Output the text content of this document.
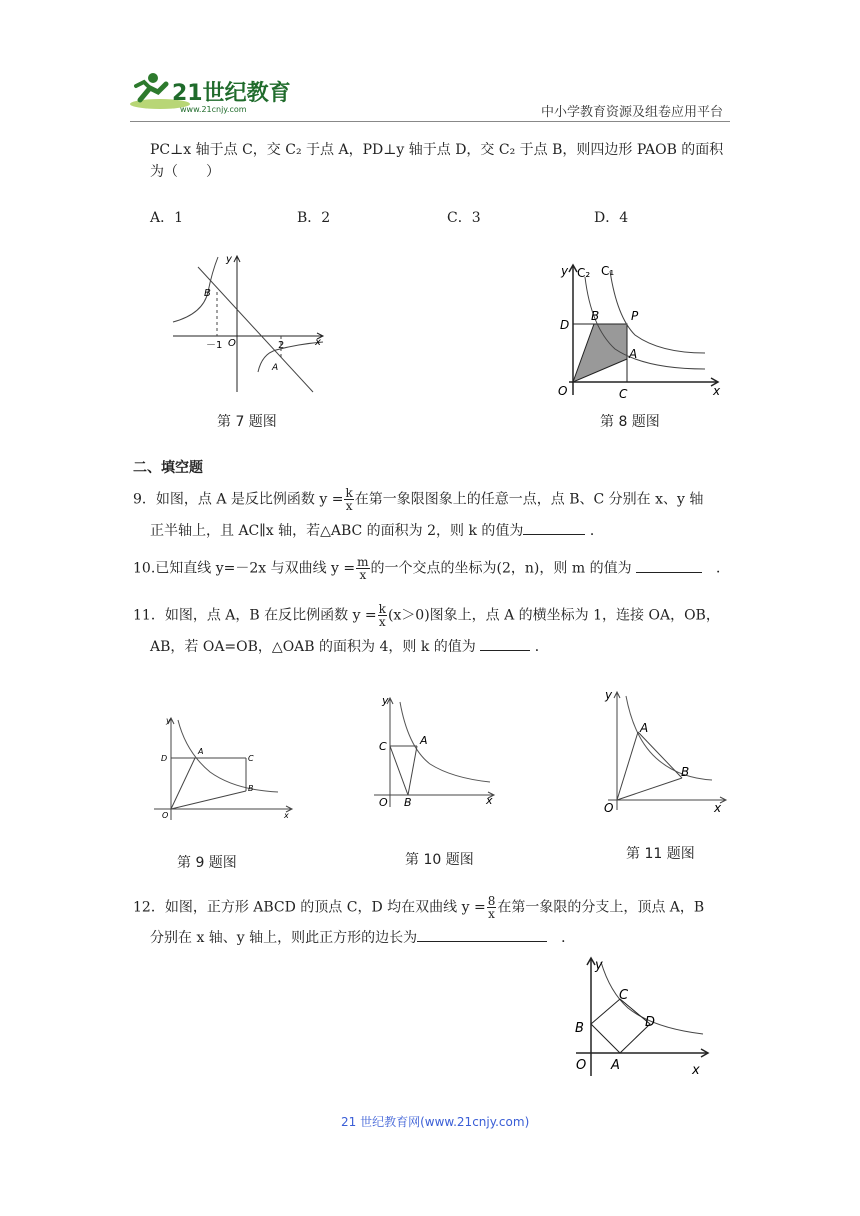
21世纪教育
www.21cnjy.com	中小学教育资源及组卷应用平台
PC⊥x 轴于点 C，交 C₂ 于点 A，PD⊥y 轴于点 D，交 C₂ 于点 B，则四边形 PAOB 的面积
为（　　）
A．1	B．2	C．3	D．4
y
x
O
B
A
－1	2
第 7 题图
y C₂ C₁
x
O
D
B	P
A
C
第 8 题图
二、填空题
9．如图，点 A 是反比例函数 $y = \frac{k}{x}$ 在第一象限图象上的任意一点，点 B、C 分别在 x、y 轴
正半轴上，且 AC∥x 轴，若△ABC 的面积为 2，则 k 的值为	．
10.已知直线 y=－2x 与双曲线 $y = \frac{m}{x}$ 的一个交点的坐标为(2，n)，则 m 的值为 　	．
11．如图，点 A，B 在反比例函数 $y = \frac{k}{x} (x>0)$图象上，点 A 的横坐标为 1，连接 OA，OB，
AB，若 OA=OB，△OAB 的面积为 4，则 k 的值为	．
y
x
O
D
A
C
B
第 9 题图
y
x
O
C	A
B
第 10 题图
y
x
O
A
B
第 11 题图
12．如图，正方形 ABCD 的顶点 C，D 均在双曲线 $y = \frac{8}{x}$ 在第一象限的分支上，顶点 A，B
分别在 x 轴、y 轴上，则此正方形的边长为　	．
y
x
O A
B
C
D
21 世纪教育网(www.21cnjy.com)
